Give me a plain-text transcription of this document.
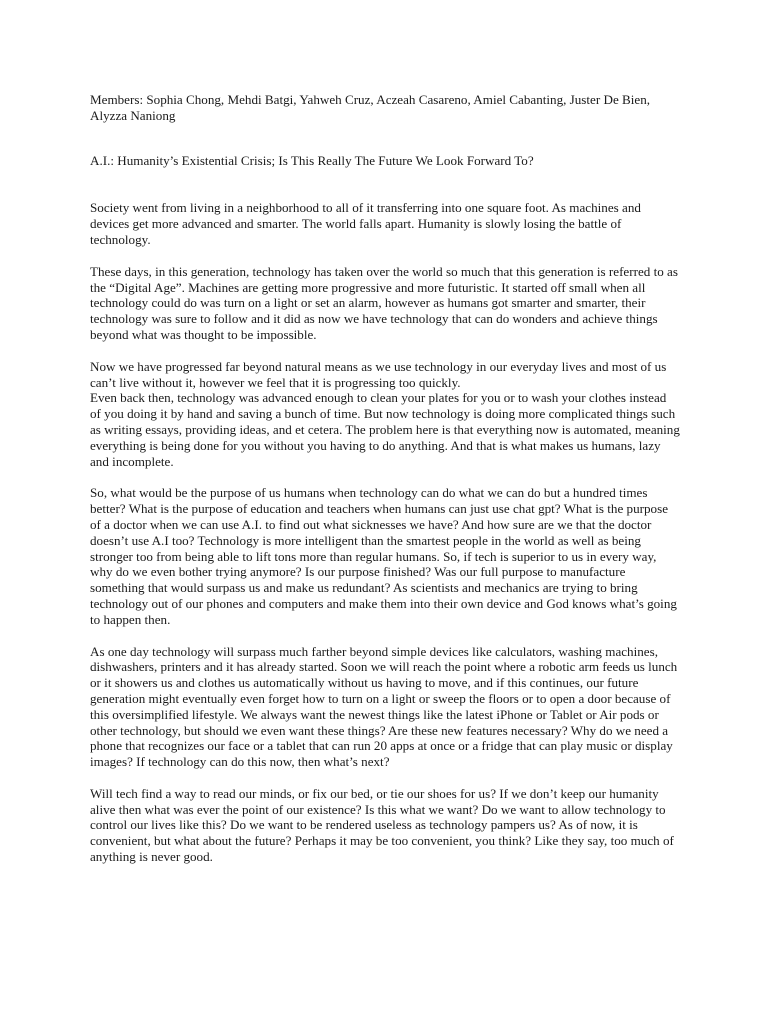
Members: Sophia Chong, Mehdi Batgi, Yahweh Cruz, Aczeah Casareno, Amiel Cabanting, Juster De Bien, Alyzza Naniong

A.I.: Humanity’s Existential Crisis; Is This Really The Future We Look Forward To?

Society went from living in a neighborhood to all of it transferring into one square foot. As machines and devices get more advanced and smarter. The world falls apart. Humanity is slowly losing the battle of technology.

These days, in this generation, technology has taken over the world so much that this generation is referred to as the “Digital Age”. Machines are getting more progressive and more futuristic. It started off small when all technology could do was turn on a light or set an alarm, however as humans got smarter and smarter, their technology was sure to follow and it did as now we have technology that can do wonders and achieve things beyond what was thought to be impossible.

Now we have progressed far beyond natural means as we use technology in our everyday lives and most of us can’t live without it, however we feel that it is progressing too quickly.

Even back then, technology was advanced enough to clean your plates for you or to wash your clothes instead of you doing it by hand and saving a bunch of time. But now technology is doing more complicated things such as writing essays, providing ideas, and et cetera. The problem here is that everything now is automated, meaning everything is being done for you without you having to do anything. And that is what makes us humans, lazy and incomplete.

So, what would be the purpose of us humans when technology can do what we can do but a hundred times better? What is the purpose of education and teachers when humans can just use chat gpt? What is the purpose of a doctor when we can use A.I. to find out what sicknesses we have? And how sure are we that the doctor doesn’t use A.I too? Technology is more intelligent than the smartest people in the world as well as being stronger too from being able to lift tons more than regular humans. So, if tech is superior to us in every way, why do we even bother trying anymore? Is our purpose finished? Was our full purpose to manufacture something that would surpass us and make us redundant? As scientists and mechanics are trying to bring technology out of our phones and computers and make them into their own device and God knows what’s going to happen then.

As one day technology will surpass much farther beyond simple devices like calculators, washing machines, dishwashers, printers and it has already started. Soon we will reach the point where a robotic arm feeds us lunch or it showers us and clothes us automatically without us having to move, and if this continues, our future generation might eventually even forget how to turn on a light or sweep the floors or to open a door because of this oversimplified lifestyle. We always want the newest things like the latest iPhone or Tablet or Air pods or other technology, but should we even want these things? Are these new features necessary? Why do we need a phone that recognizes our face or a tablet that can run 20 apps at once or a fridge that can play music or display images? If technology can do this now, then what’s next?

Will tech find a way to read our minds, or fix our bed, or tie our shoes for us? If we don’t keep our humanity alive then what was ever the point of our existence? Is this what we want? Do we want to allow technology to control our lives like this? Do we want to be rendered useless as technology pampers us? As of now, it is convenient, but what about the future? Perhaps it may be too convenient, you think? Like they say, too much of anything is never good.
